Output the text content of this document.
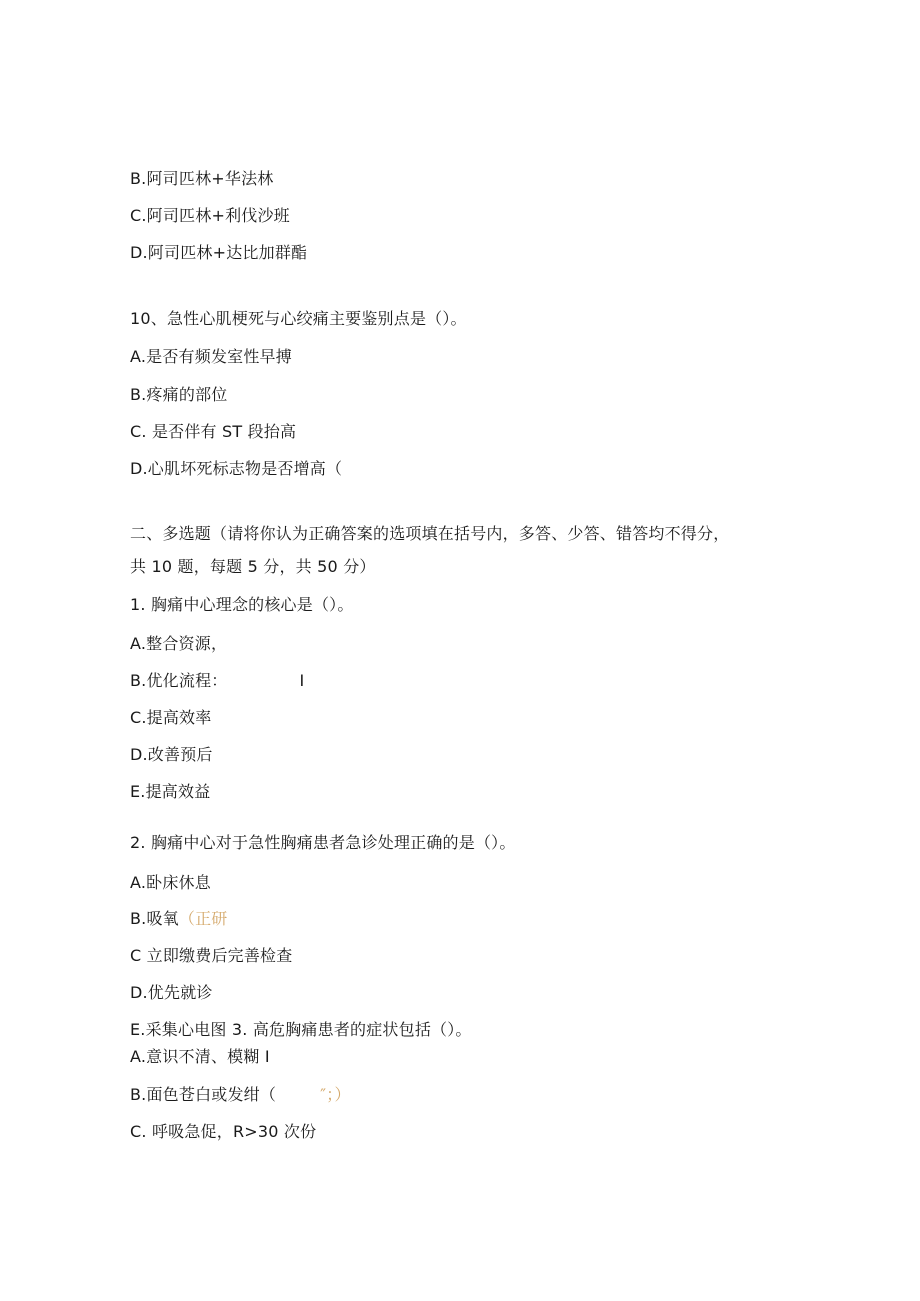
B.阿司匹林+华法林
C.阿司匹林+利伐沙班
D.阿司匹林+达比加群酯
10、急性心肌梗死与心绞痛主要鉴别点是（）。
A.是否有频发室性早搏
B.疼痛的部位
C. 是否伴有 ST 段抬高
D.心肌坏死标志物是否增高（
二、多选题（请将你认为正确答案的选项填在括号内，多答、少答、错答均不得分，
共 10 题，每题 5 分，共 50 分）
1. 胸痛中心理念的核心是（）。
A.整合资源，
B.优化流程：	I
C.提高效率
D.改善预后
E.提高效益
2. 胸痛中心对于急性胸痛患者急诊处理正确的是（）。
A.卧床休息
B.吸氧（正研
C 立即缴费后完善检查
D.优先就诊
E.采集心电图 3. 高危胸痛患者的症状包括（）。
A.意识不清、模糊 I
B.面色苍白或发绀（	″；）
C. 呼吸急促，R>30 次份
